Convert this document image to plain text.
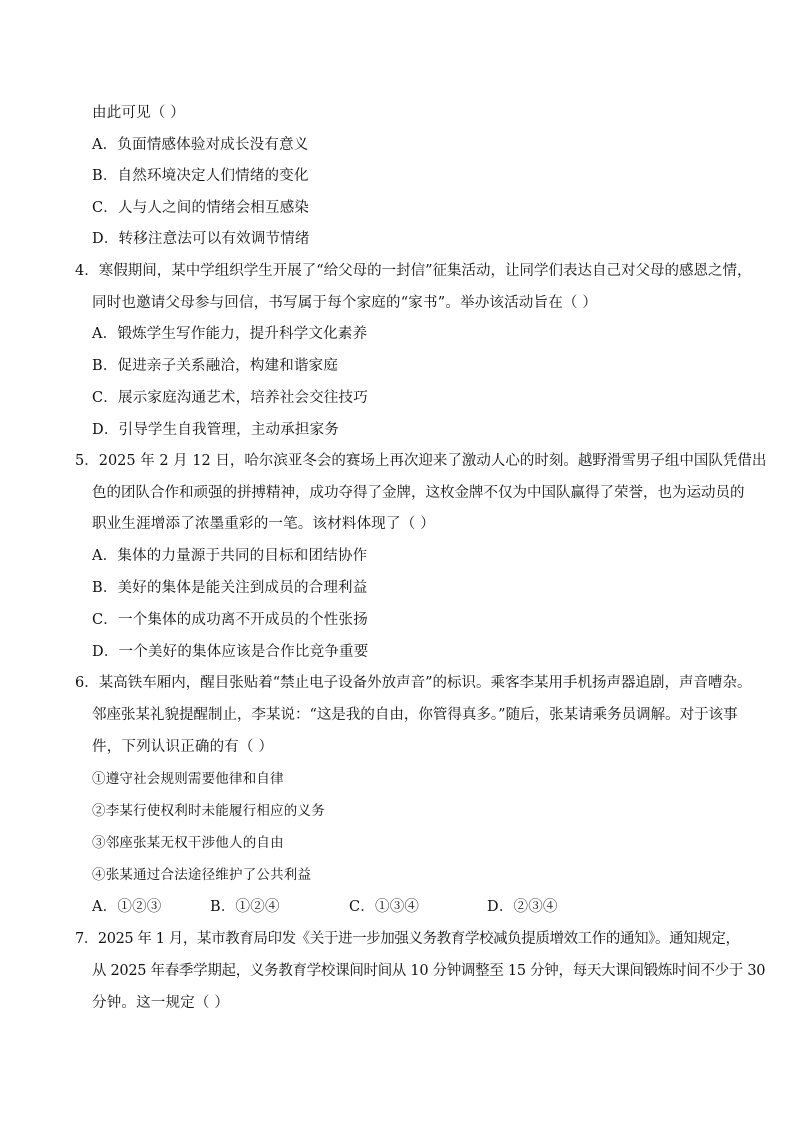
由此可见（ ）
A．负面情感体验对成长没有意义
B．自然环境决定人们情绪的变化
C．人与人之间的情绪会相互感染
D．转移注意法可以有效调节情绪
4．寒假期间，某中学组织学生开展了“给父母的一封信”征集活动，让同学们表达自己对父母的感恩之情，
同时也邀请父母参与回信，书写属于每个家庭的“家书”。举办该活动旨在（ ）
A．锻炼学生写作能力，提升科学文化素养
B．促进亲子关系融洽，构建和谐家庭
C．展示家庭沟通艺术，培养社会交往技巧
D．引导学生自我管理，主动承担家务
5．2025 年 2 月 12 日，哈尔滨亚冬会的赛场上再次迎来了激动人心的时刻。越野滑雪男子组中国队凭借出
色的团队合作和顽强的拼搏精神，成功夺得了金牌，这枚金牌不仅为中国队赢得了荣誉，也为运动员的
职业生涯增添了浓墨重彩的一笔。该材料体现了（ ）
A．集体的力量源于共同的目标和团结协作
B．美好的集体是能关注到成员的合理利益
C．一个集体的成功离不开成员的个性张扬
D．一个美好的集体应该是合作比竞争重要
6．某高铁车厢内，醒目张贴着“禁止电子设备外放声音”的标识。乘客李某用手机扬声器追剧，声音嘈杂。
邻座张某礼貌提醒制止，李某说：“这是我的自由，你管得真多。”随后，张某请乘务员调解。对于该事
件，下列认识正确的有（ ）
①遵守社会规则需要他律和自律
②李某行使权利时未能履行相应的义务
③邻座张某无权干涉他人的自由
④张某通过合法途径维护了公共利益
A．①②③	B．①②④	C．①③④	D．②③④
7．2025 年 1 月，某市教育局印发《关于进一步加强义务教育学校减负提质增效工作的通知》。通知规定，
从 2025 年春季学期起，义务教育学校课间时间从 10 分钟调整至 15 分钟，每天大课间锻炼时间不少于 30
分钟。这一规定（ ）
